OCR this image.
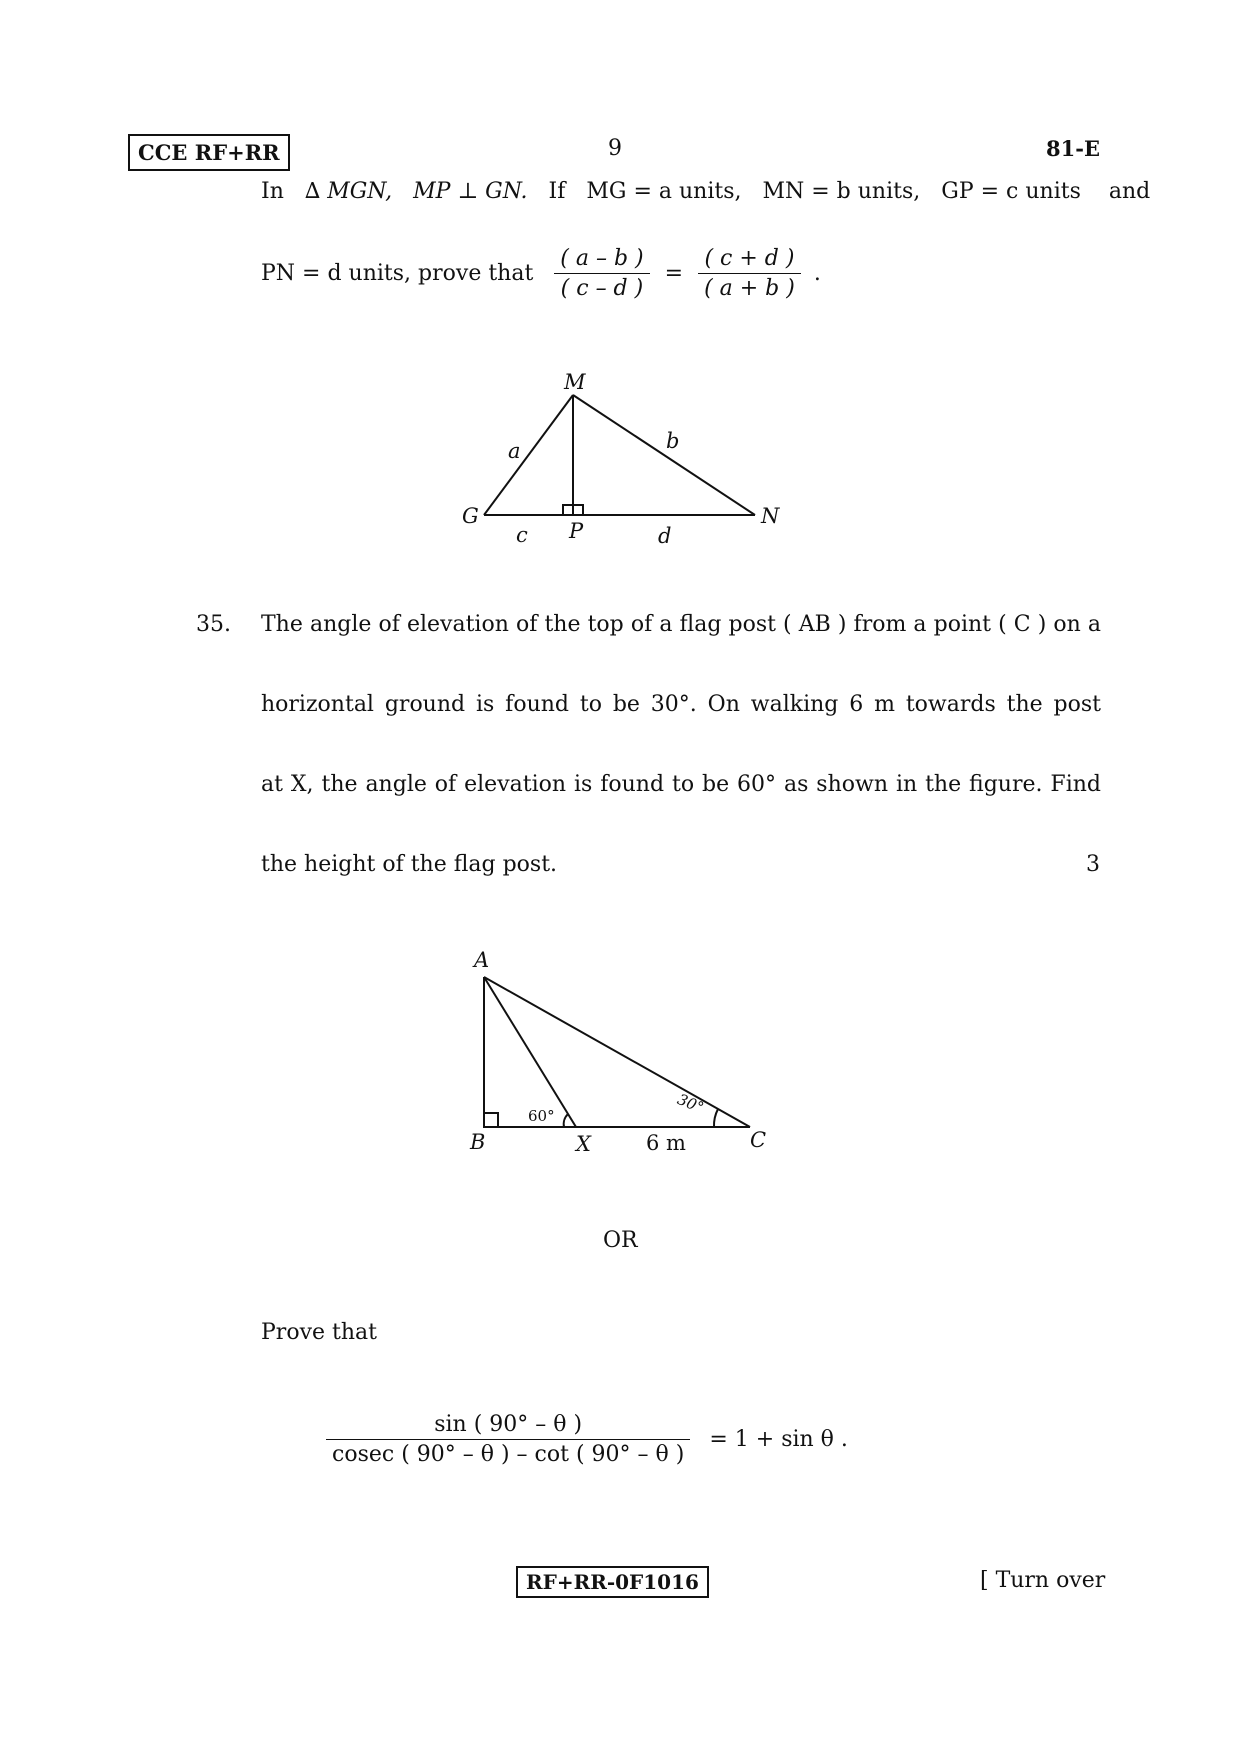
CCE RF+RR	9	81-E
In ∆ MGN, MP ⊥ GN. If MG = a units, MN = b units, GP = c units and
PN = d units, prove that $\frac{( a - b )}{( c - d )} = \frac{( c + d )}{( a + b )}$ .
M
G	N
P
a	b
c	d
35. The angle of elevation of the top of a flag post ( AB ) from a point ( C ) on a
horizontal ground is found to be 30°. On walking 6 m towards the post
at X, the angle of elevation is found to be 60° as shown in the figure. Find
the height of the flag post.	3
A
B	X	C
60°	30°
6 m
OR
Prove that
$\frac{\sin ( 90^\circ - \theta )}{cosec ( 90^\circ - \theta ) - \cot ( 90^\circ - \theta )} = 1 + \sin \theta$ .
RF+RR-0F1016	[ Turn over
